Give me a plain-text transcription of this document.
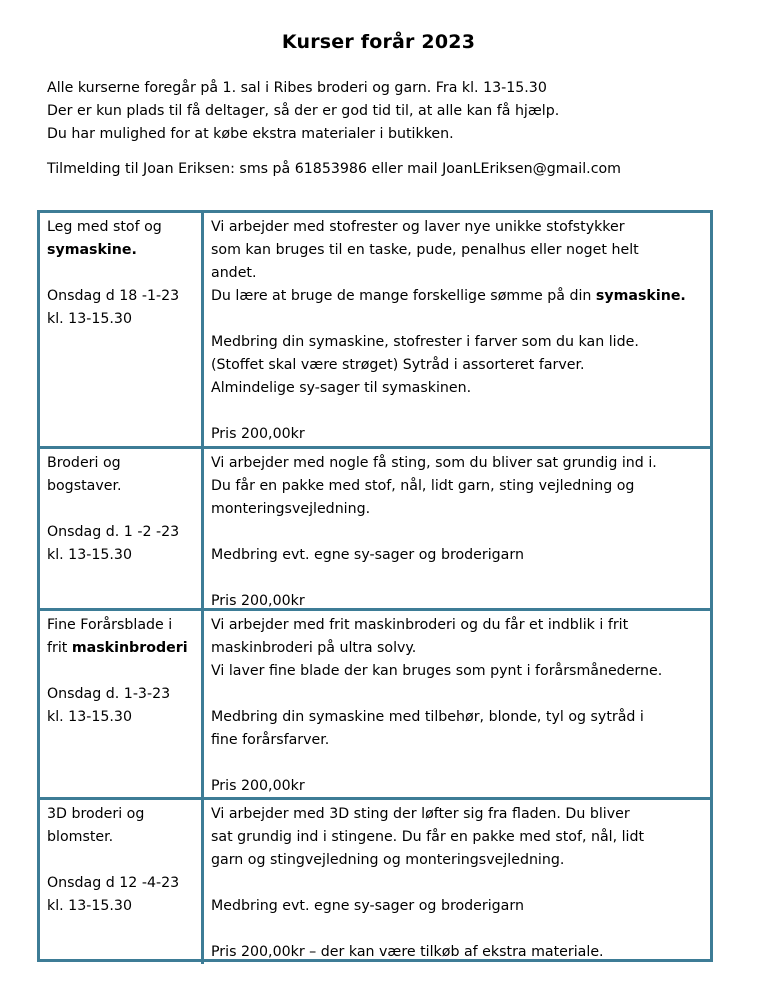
Kurser forår 2023
Alle kurserne foregår på 1. sal i Ribes broderi og garn. Fra kl. 13-15.30
Der er kun plads til få deltager, så der er god tid til, at alle kan få hjælp.
Du har mulighed for at købe ekstra materialer i butikken.
Tilmelding til Joan Eriksen: sms på 61853986 eller mail JoanLEriksen@gmail.com
Leg med stof og
symaskine.
Onsdag d 18 -1-23
kl. 13-15.30
Vi arbejder med stofrester og laver nye unikke stofstykker
som kan bruges til en taske, pude, penalhus eller noget helt
andet.
Du lære at bruge de mange forskellige sømme på din symaskine.
Medbring din symaskine, stofrester i farver som du kan lide.
(Stoffet skal være strøget) Sytråd i assorteret farver.
Almindelige sy-sager til symaskinen.
Pris 200,00kr
Broderi og
bogstaver.
Onsdag d. 1 -2 -23
kl. 13-15.30
Vi arbejder med nogle få sting, som du bliver sat grundig ind i.
Du får en pakke med stof, nål, lidt garn, sting vejledning og
monteringsvejledning.
Medbring evt. egne sy-sager og broderigarn
Pris 200,00kr
Fine Forårsblade i
frit maskinbroderi
Onsdag d. 1-3-23
kl. 13-15.30
Vi arbejder med frit maskinbroderi og du får et indblik i frit
maskinbroderi på ultra solvy.
Vi laver fine blade der kan bruges som pynt i forårsmånederne.
Medbring din symaskine med tilbehør, blonde, tyl og sytråd i
fine forårsfarver.
Pris 200,00kr
3D broderi og
blomster.
Onsdag d 12 -4-23
kl. 13-15.30
Vi arbejder med 3D sting der løfter sig fra fladen. Du bliver
sat grundig ind i stingene. Du får en pakke med stof, nål, lidt
garn og stingvejledning og monteringsvejledning.
Medbring evt. egne sy-sager og broderigarn
Pris 200,00kr – der kan være tilkøb af ekstra materiale.
